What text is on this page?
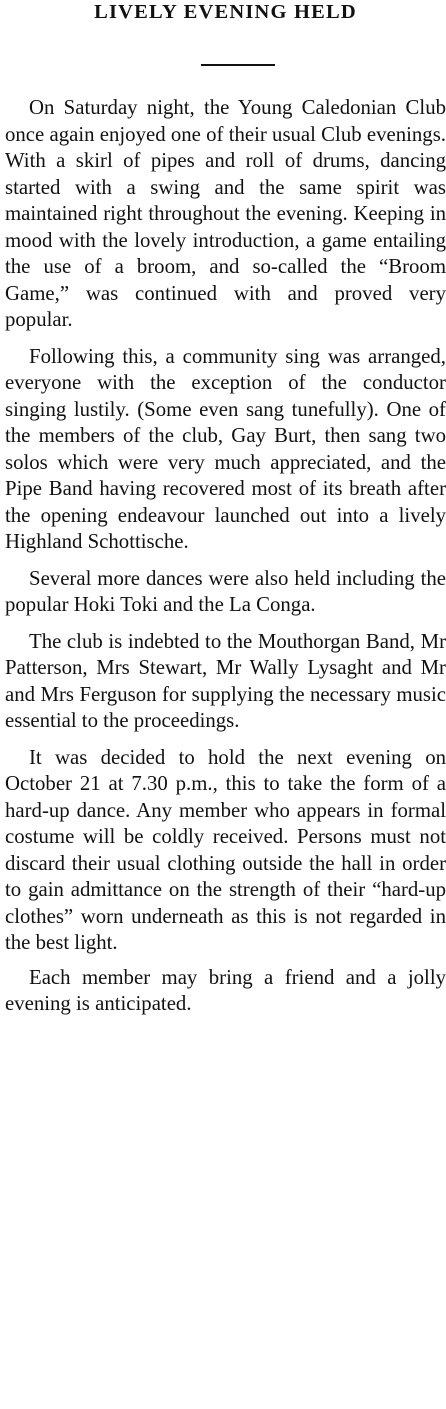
LIVELY EVENING HELD

On Saturday night, the Young Caledonian Club once again enjoyed one of their usual Club evenings. With a skirl of pipes and roll of drums, dancing started with a swing and the same spirit was maintained right throughout the evening. Keeping in mood with the lovely introduction, a game entailing the use of a broom, and so-called the “Broom Game,” was continued with and proved very popular.

Following this, a community sing was arranged, everyone with the exception of the conductor singing lustily. (Some even sang tunefully). One of the members of the club, Gay Burt, then sang two solos which were very much appreciated, and the Pipe Band having recovered most of its breath after the opening endeavour launched out into a lively Highland Schottische.

Several more dances were also held including the popular Hoki Toki and the La Conga.

The club is indebted to the Mouthorgan Band, Mr Patterson, Mrs Stewart, Mr Wally Lysaght and Mr and Mrs Ferguson for supplying the necessary music essential to the proceedings.

It was decided to hold the next evening on October 21 at 7.30 p.m., this to take the form of a hard-up dance. Any member who appears in formal costume will be coldly received. Persons must not discard their usual clothing outside the hall in order to gain admittance on the strength of their “hard-up clothes” worn underneath as this is not regarded in the best light.

Each member may bring a friend and a jolly evening is anticipated.
